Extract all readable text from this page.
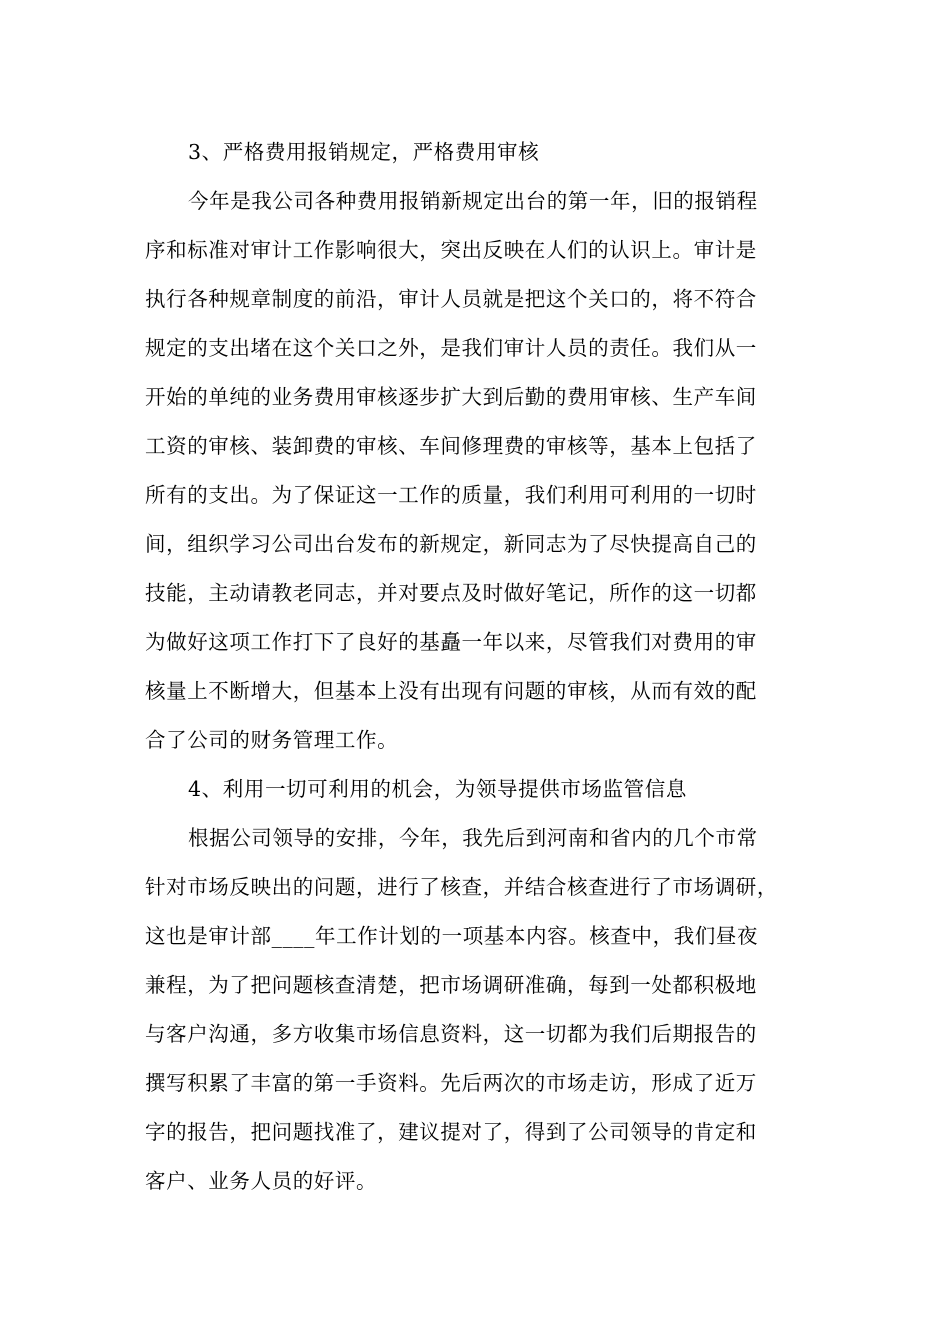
3、严格费用报销规定，严格费用审核
今年是我公司各种费用报销新规定出台的第一年，旧的报销程
序和标准对审计工作影响很大，突出反映在人们的认识上。审计是
执行各种规章制度的前沿，审计人员就是把这个关口的，将不符合
规定的支出堵在这个关口之外，是我们审计人员的责任。我们从一
开始的单纯的业务费用审核逐步扩大到后勤的费用审核、生产车间
工资的审核、装卸费的审核、车间修理费的审核等，基本上包括了
所有的支出。为了保证这一工作的质量，我们利用可利用的一切时
间，组织学习公司出台发布的新规定，新同志为了尽快提高自己的
技能，主动请教老同志，并对要点及时做好笔记，所作的这一切都
为做好这项工作打下了良好的基矗一年以来，尽管我们对费用的审
核量上不断增大，但基本上没有出现有问题的审核，从而有效的配
合了公司的财务管理工作。
4、利用一切可利用的机会，为领导提供市场监管信息
根据公司领导的安排，今年，我先后到河南和省内的几个市常
针对市场反映出的问题，进行了核查，并结合核查进行了市场调研，
这也是审计部____年工作计划的一项基本内容。核查中，我们昼夜
兼程，为了把问题核查清楚，把市场调研准确，每到一处都积极地
与客户沟通，多方收集市场信息资料，这一切都为我们后期报告的
撰写积累了丰富的第一手资料。先后两次的市场走访，形成了近万
字的报告，把问题找准了，建议提对了，得到了公司领导的肯定和
客户、业务人员的好评。
